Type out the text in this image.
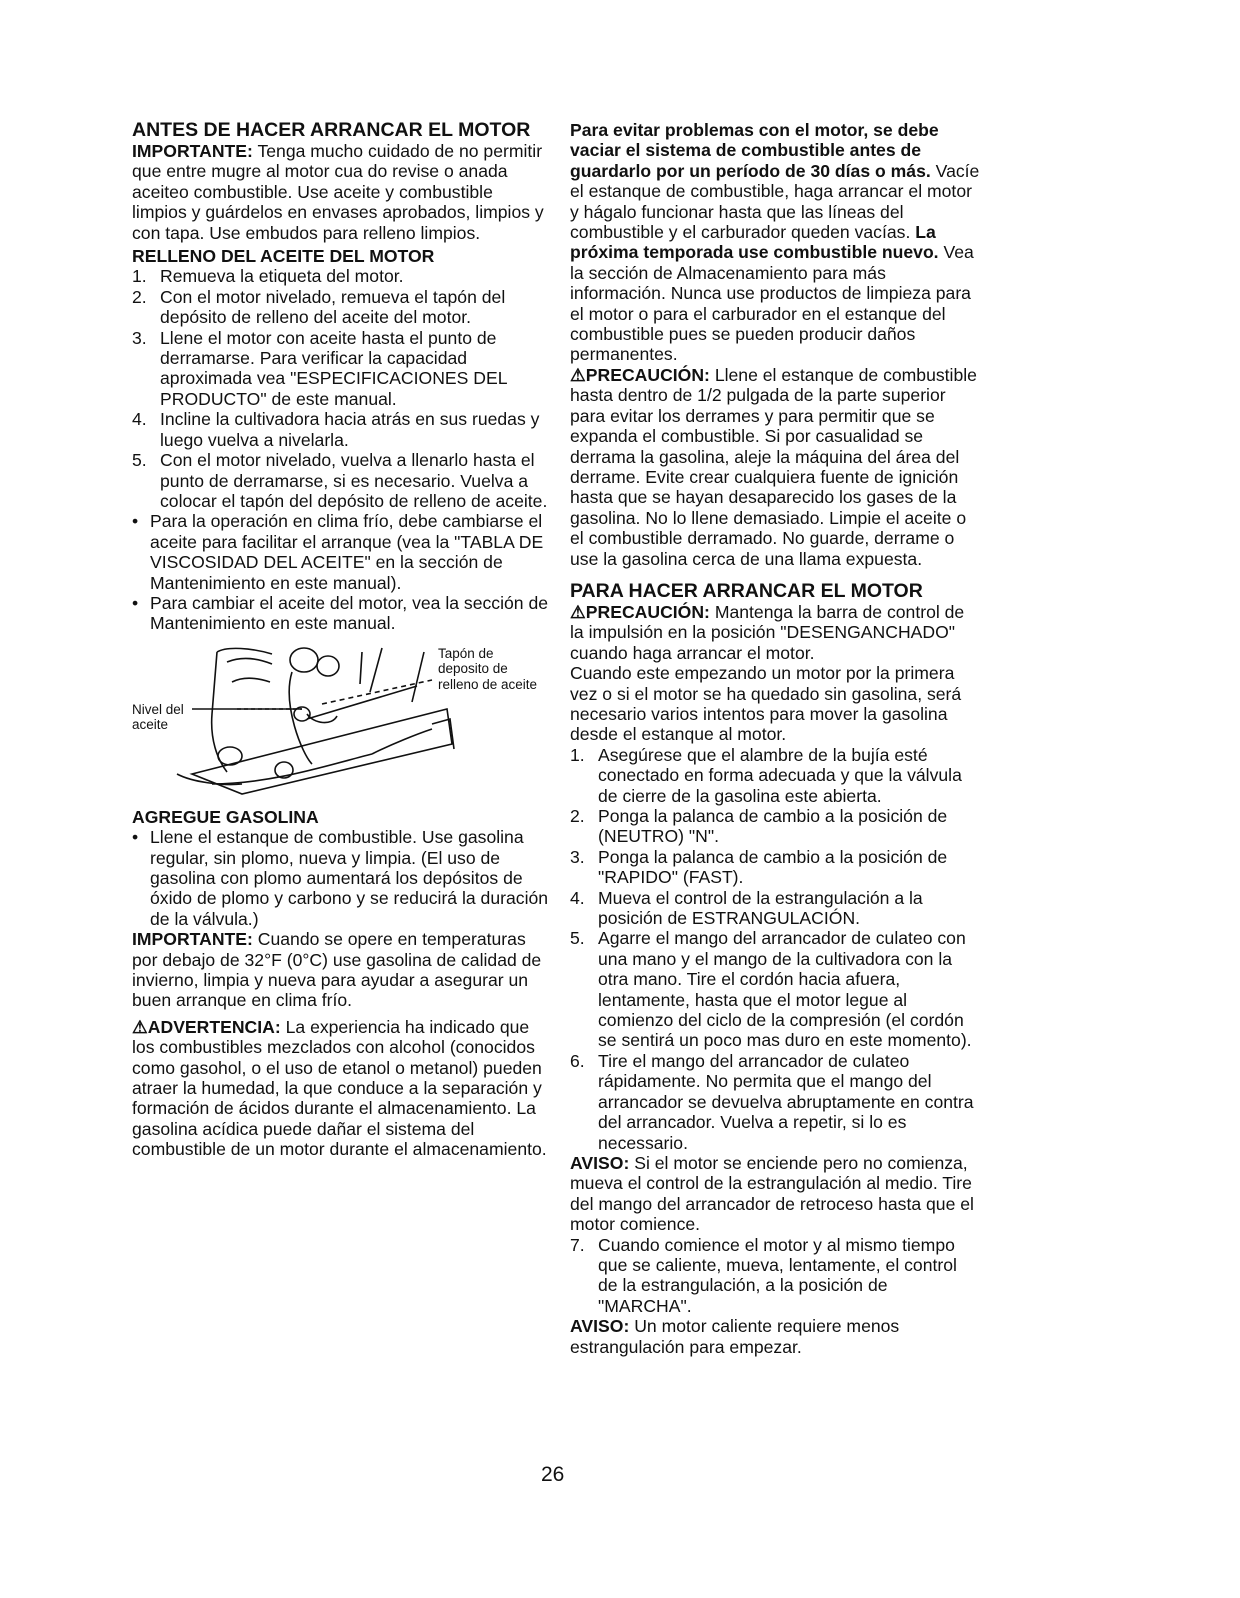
ANTES DE HACER ARRANCAR EL MOTOR

IMPORTANTE: Tenga mucho cuidado de no permitir que entre mugre al motor cua do revise o anada aceiteo combustible. Use aceite y combustible limpios y guárdelos en envases aprobados, limpios y con tapa. Use embudos para relleno limpios.

RELLENO DEL ACEITE DEL MOTOR
1. Remueva la etiqueta del motor.
2. Con el motor nivelado, remueva el tapón del depósito de relleno del aceite del motor.
3. Llene el motor con aceite hasta el punto de derramarse. Para verificar la capacidad aproximada vea "ESPECIFICACIONES DEL PRODUCTO" de este manual.
4. Incline la cultivadora hacia atrás en sus ruedas y luego vuelva a nivelarla.
5. Con el motor nivelado, vuelva a llenarlo hasta el punto de derramarse, si es necesario. Vuelva a colocar el tapón del depósito de relleno de aceite.
• Para la operación en clima frío, debe cambiarse el aceite para facilitar el arranque (vea la "TABLA DE VISCOSIDAD DEL ACEITE" en la sección de Mantenimiento en este manual).
• Para cambiar el aceite del motor, vea la sección de Mantenimiento en este manual.
Nivel del aceite
Tapón de deposito de relleno de aceite
AGREGUE GASOLINA
• Llene el estanque de combustible. Use gasolina regular, sin plomo, nueva y limpia. (El uso de gasolina con plomo aumentará los depósitos de óxido de plomo y carbono y se reducirá la duración de la válvula.)

IMPORTANTE: Cuando se opere en temperaturas por debajo de 32°F (0°C) use gasolina de calidad de invierno, limpia y nueva para ayudar a asegurar un buen arranque en clima frío.

⚠ADVERTENCIA: La experiencia ha indicado que los combustibles mezclados con alcohol (conocidos como gasohol, o el uso de etanol o metanol) pueden atraer la humedad, la que conduce a la separación y formación de ácidos durante el almacenamiento. La gasolina acídica puede dañar el sistema del combustible de un motor durante el almacenamiento.

Para evitar problemas con el motor, se debe vaciar el sistema de combustible antes de guardarlo por un período de 30 días o más. Vacíe el estanque de combustible, haga arrancar el motor y hágalo funcionar hasta que las líneas del combustible y el carburador queden vacías. La próxima temporada use combustible nuevo. Vea la sección de Almacenamiento para más información. Nunca use productos de limpieza para el motor o para el carburador en el estanque del combustible pues se pueden producir daños permanentes.

⚠PRECAUCIÓN: Llene el estanque de combustible hasta dentro de 1/2 pulgada de la parte superior para evitar los derrames y para permitir que se expanda el combustible. Si por casualidad se derrama la gasolina, aleje la máquina del área del derrame. Evite crear cualquiera fuente de ignición hasta que se hayan desaparecido los gases de la gasolina. No lo llene demasiado. Limpie el aceite o el combustible derramado. No guarde, derrame o use la gasolina cerca de una llama expuesta.

PARA HACER ARRANCAR EL MOTOR

⚠PRECAUCIÓN: Mantenga la barra de control de la impulsión en la posición "DESENGANCHADO" cuando haga arrancar el motor.

Cuando este empezando un motor por la primera vez o si el motor se ha quedado sin gasolina, será necesario varios intentos para mover la gasolina desde el estanque al motor.

1. Asegúrese que el alambre de la bujía esté conectado en forma adecuada y que la válvula de cierre de la gasolina este abierta.
2. Ponga la palanca de cambio a la posición de (NEUTRO) "N".
3. Ponga la palanca de cambio a la posición de "RAPIDO" (FAST).
4. Mueva el control de la estrangulación a la posición de ESTRANGULACIÓN.
5. Agarre el mango del arrancador de culateo con una mano y el mango de la cultivadora con la otra mano. Tire el cordón hacia afuera, lentamente, hasta que el motor legue al comienzo del ciclo de la compresión (el cordón se sentirá un poco mas duro en este momento).
6. Tire el mango del arrancador de culateo rápidamente. No permita que el mango del arrancador se devuelva abruptamente en contra del arrancador. Vuelva a repetir, si lo es necessario.

AVISO: Si el motor se enciende pero no comienza, mueva el control de la estrangulación al medio. Tire del mango del arrancador de retroceso hasta que el motor comience.

7. Cuando comience el motor y al mismo tiempo que se caliente, mueva, lentamente, el control de la estrangulación, a la posición de "MARCHA".

AVISO: Un motor caliente requiere menos estrangulación para empezar.

26
